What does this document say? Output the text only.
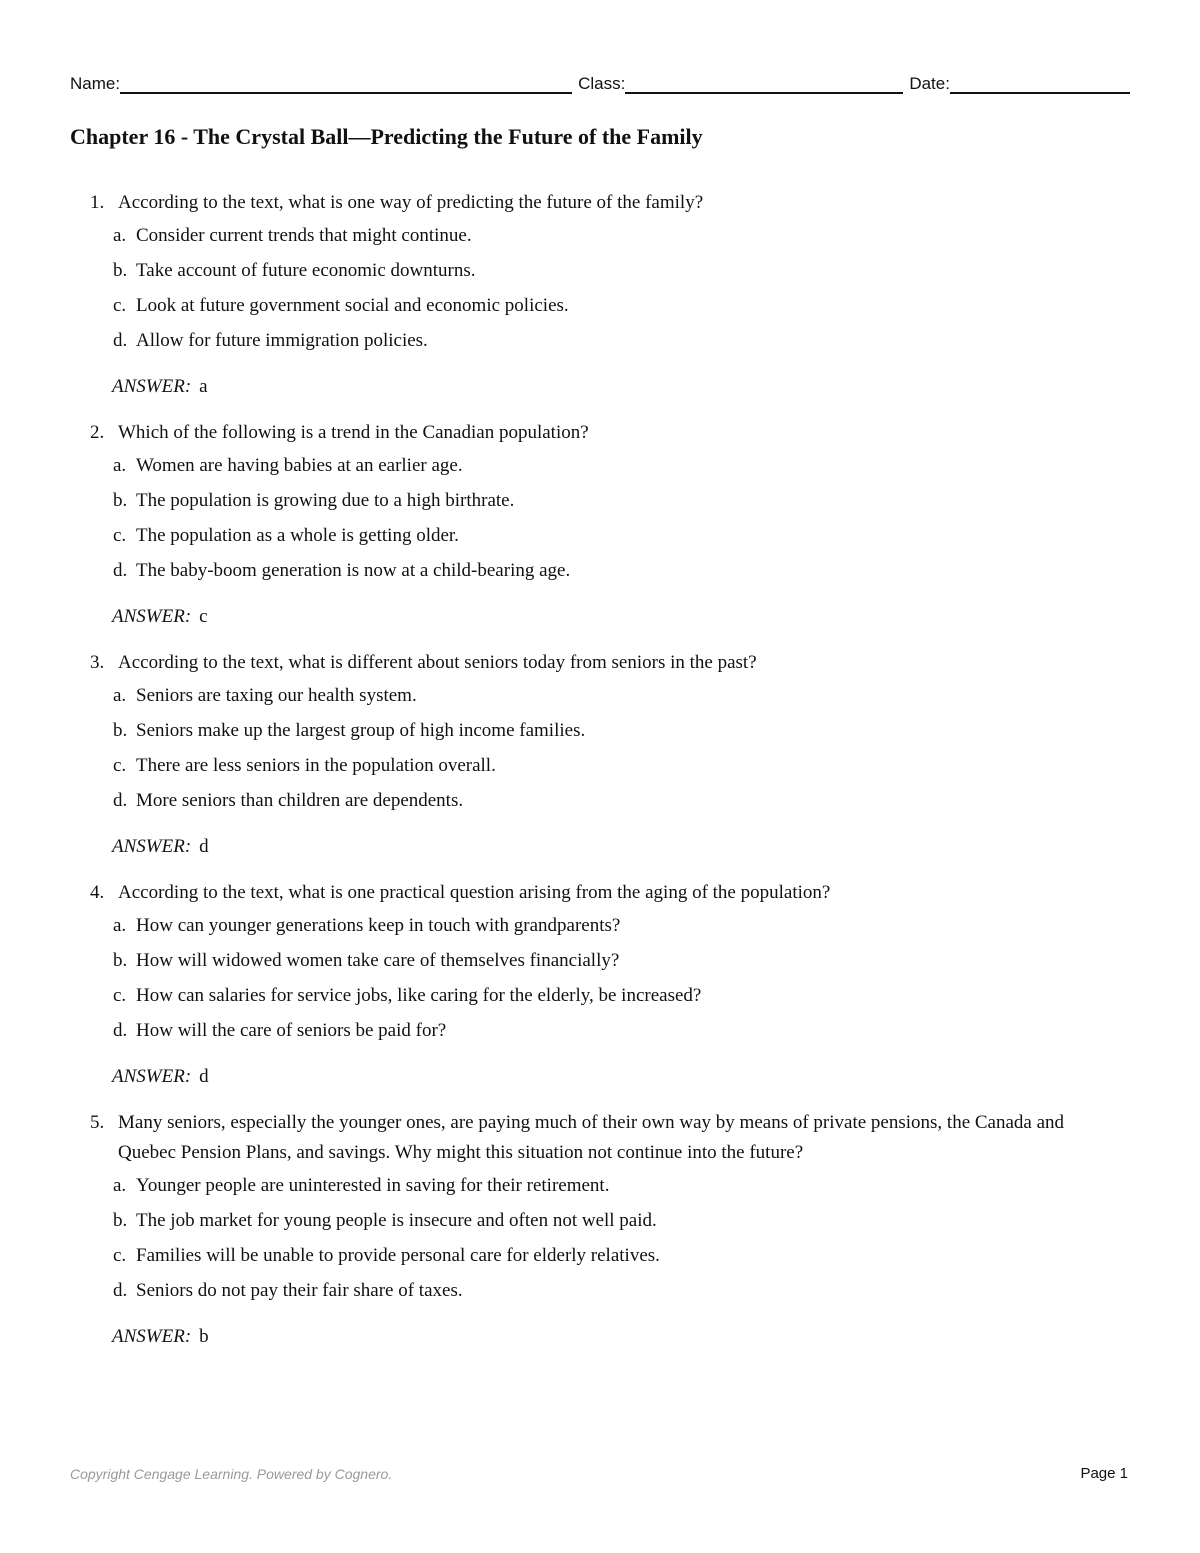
Name:	Class:	Date:
Chapter 16 - The Crystal Ball—Predicting the Future of the Family
1. According to the text, what is one way of predicting the future of the family?
a. Consider current trends that might continue.
b. Take account of future economic downturns.
c. Look at future government social and economic policies.
d. Allow for future immigration policies.
ANSWER: a
2. Which of the following is a trend in the Canadian population?
a. Women are having babies at an earlier age.
b. The population is growing due to a high birthrate.
c. The population as a whole is getting older.
d. The baby-boom generation is now at a child-bearing age.
ANSWER: c
3. According to the text, what is different about seniors today from seniors in the past?
a. Seniors are taxing our health system.
b. Seniors make up the largest group of high income families.
c. There are less seniors in the population overall.
d. More seniors than children are dependents.
ANSWER: d
4. According to the text, what is one practical question arising from the aging of the population?
a. How can younger generations keep in touch with grandparents?
b. How will widowed women take care of themselves financially?
c. How can salaries for service jobs, like caring for the elderly, be increased?
d. How will the care of seniors be paid for?
ANSWER: d
5. Many seniors, especially the younger ones, are paying much of their own way by means of private pensions, the Canada and Quebec Pension Plans, and savings. Why might this situation not continue into the future?
a. Younger people are uninterested in saving for their retirement.
b. The job market for young people is insecure and often not well paid.
c. Families will be unable to provide personal care for elderly relatives.
d. Seniors do not pay their fair share of taxes.
ANSWER: b
Copyright Cengage Learning. Powered by Cognero.	Page 1
